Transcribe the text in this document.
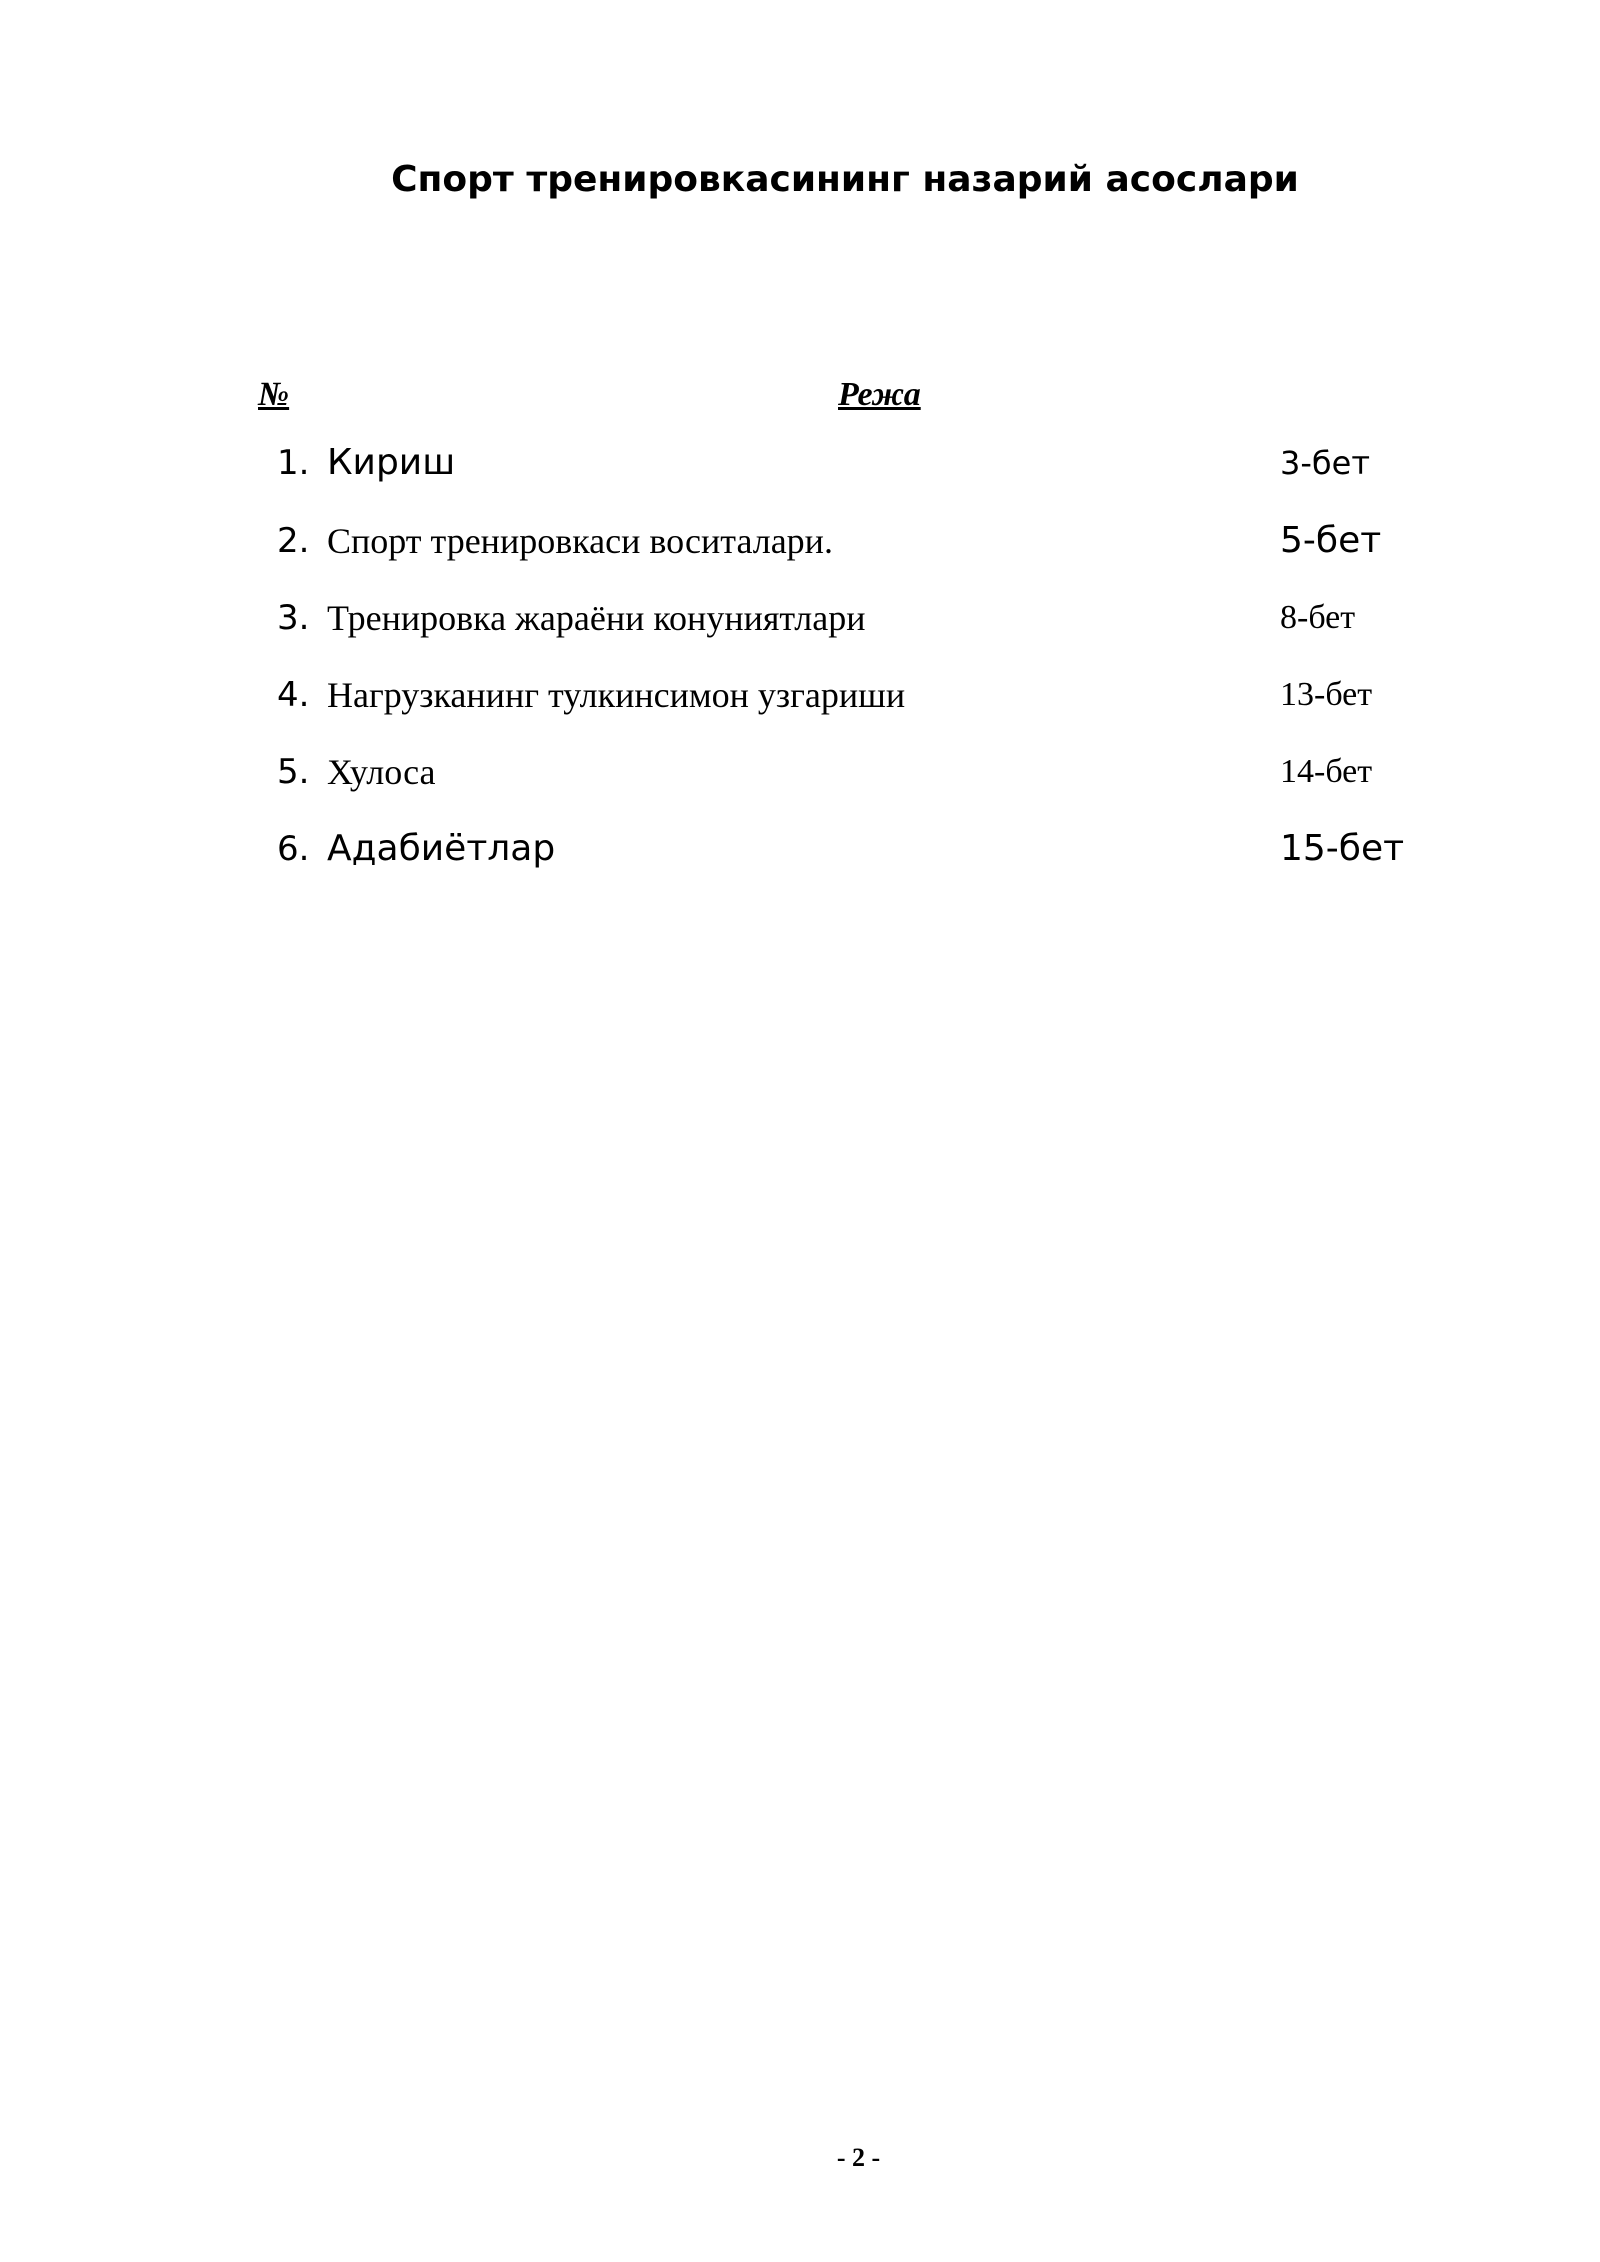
Спорт тренировкасининг назарий асослари
№	Режа
1. Кириш	3-бет
2. Спорт тренировкаси воситалари.	5-бет
3. Тренировка жараёни конуниятлари	8-бет
4. Нагрузканинг тулкинсимон узгариши	13-бет
5. Хулоса	14-бет
6. Адабиётлар	15-бет
- 2 -
